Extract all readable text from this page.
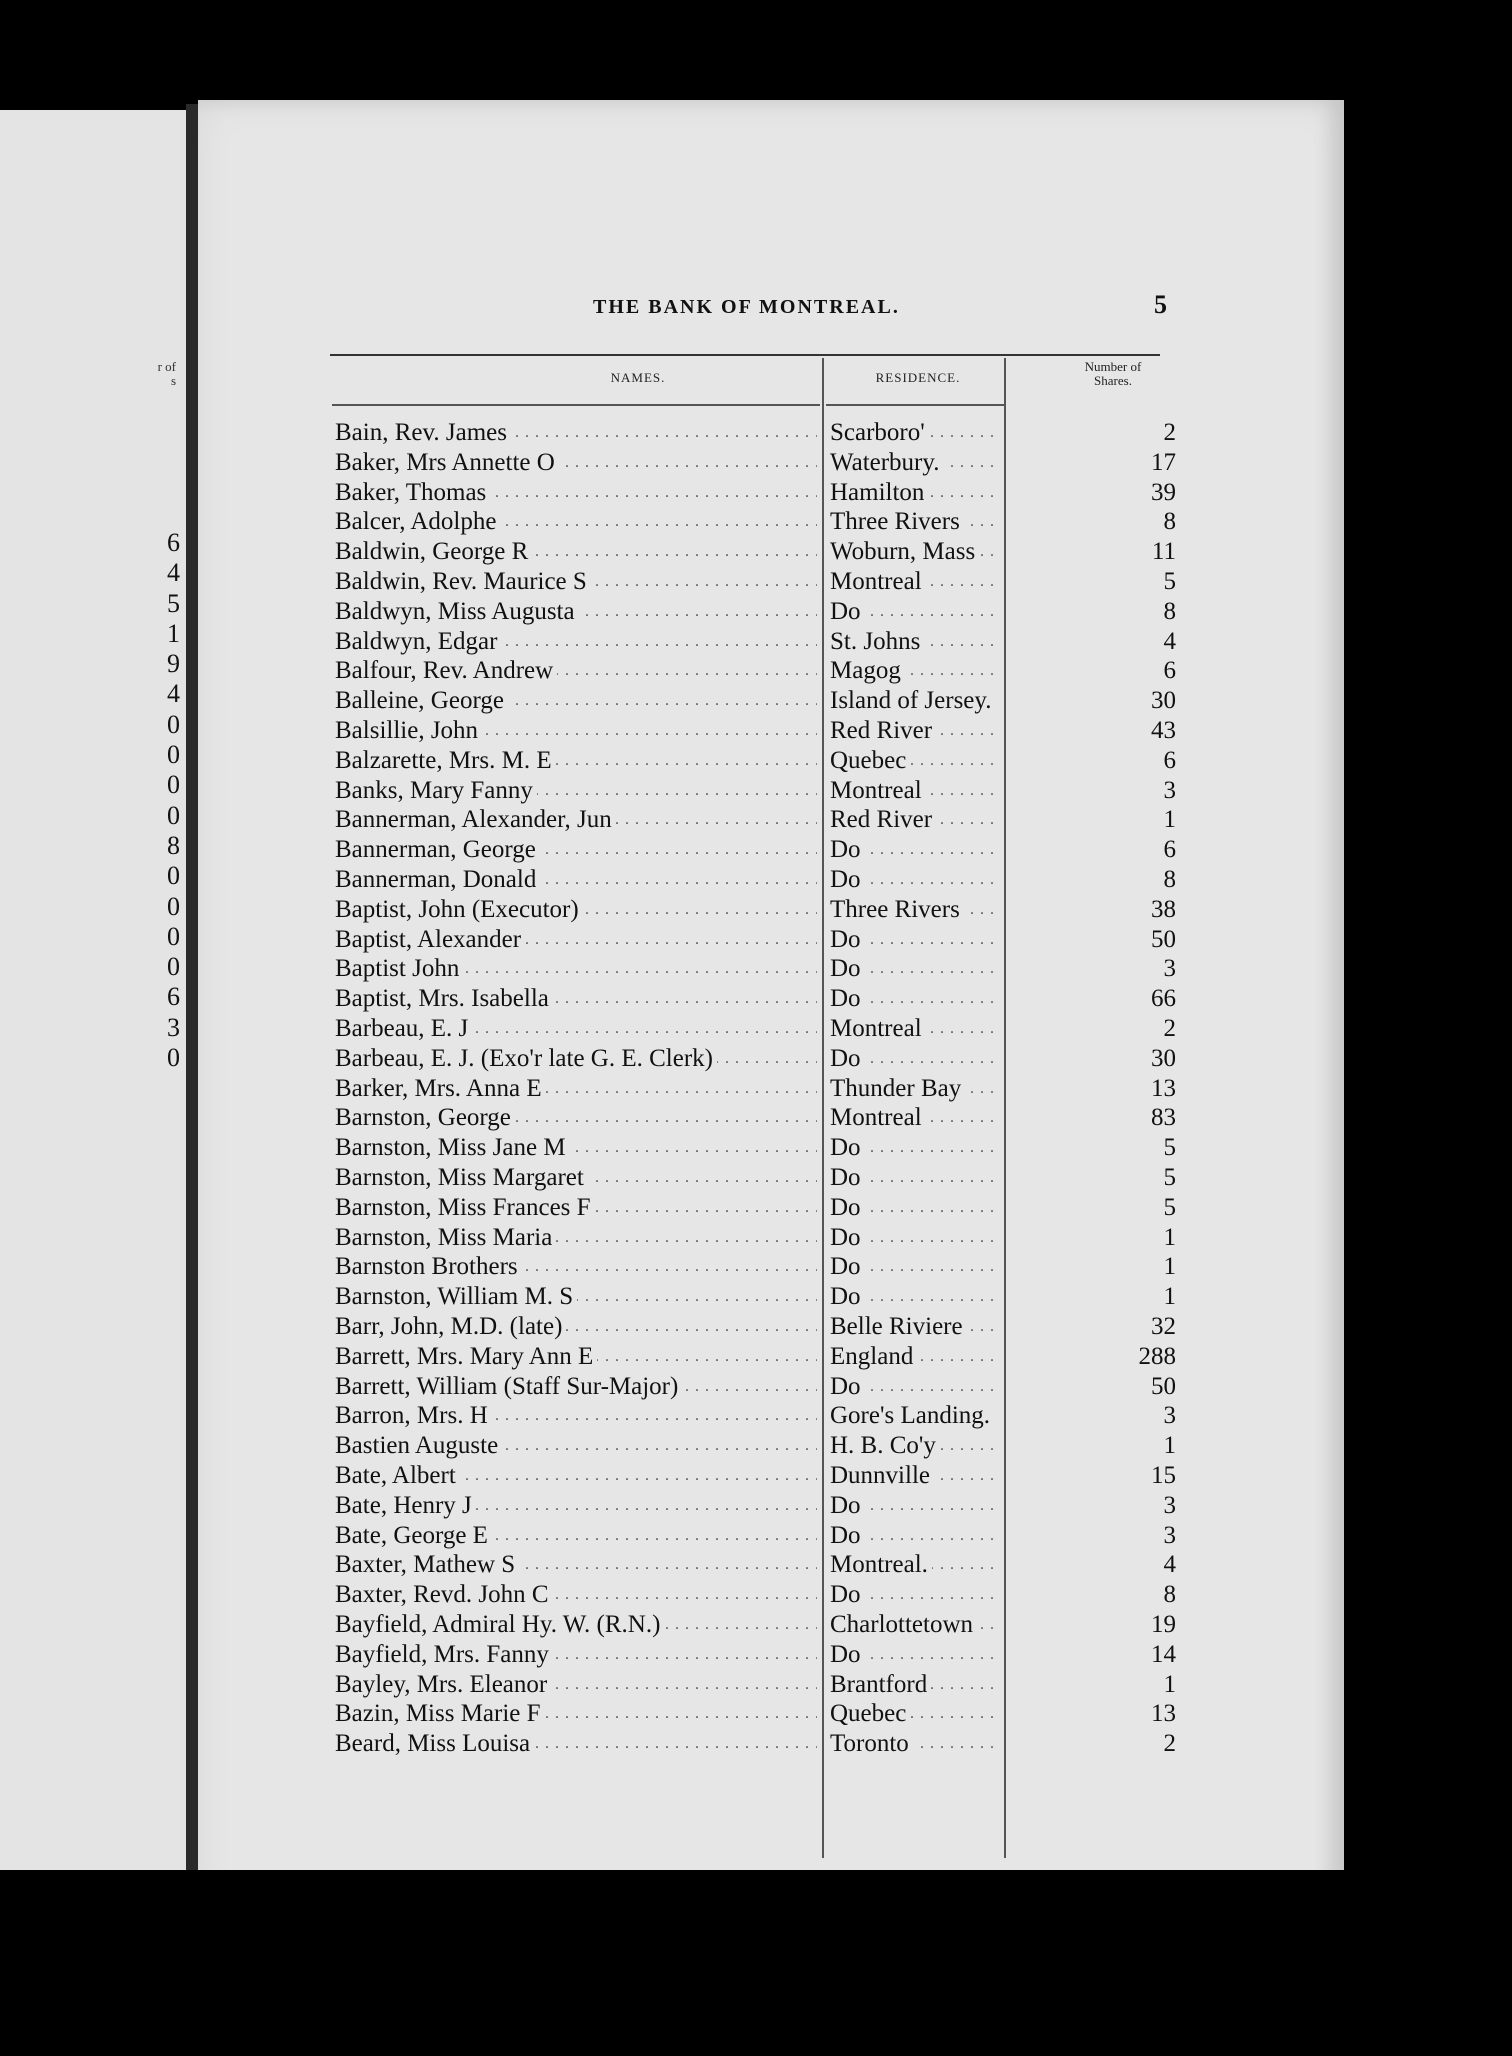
r of
s
6
4
5
1
9
4
0
0
0
0
8
0
0
0
0
6
3
0
THE BANK OF MONTREAL.	5
NAMES.	RESIDENCE.
Number of
Shares.
Bain, Rev. James . . .	Scarboro' . . .	2
Baker, Mrs Annette O . . .	Waterbury. . . .	17
Baker, Thomas . . .	Hamilton . . .	39
Balcer, Adolphe . . .	Three Rivers . . .	8
Baldwin, George R . . .	Woburn, Mass . . .	11
Baldwin, Rev. Maurice S . . .	Montreal . . .	5
Baldwyn, Miss Augusta . . .	Do . . .	8
Baldwyn, Edgar . . .	St. Johns . . .	4
Balfour, Rev. Andrew . . .	Magog . . .	6
Balleine, George . . .	Island of Jersey. . . .	30
Balsillie, John . . .	Red River . . .	43
Balzarette, Mrs. M. E . . .	Quebec . . .	6
Banks, Mary Fanny . . .	Montreal . . .	3
Bannerman, Alexander, Jun . . .	Red River . . .	1
Bannerman, George . . .	Do . . .	6
Bannerman, Donald . . .	Do . . .	8
Baptist, John (Executor) . . .	Three Rivers . . .	38
Baptist, Alexander . . .	Do . . .	50
Baptist John . . .	Do . . .	3
Baptist, Mrs. Isabella . . .	Do . . .	66
Barbeau, E. J . . .	Montreal . . .	2
Barbeau, E. J. (Exo'r late G. E. Clerk) . . .	Do . . .	30
Barker, Mrs. Anna E . . .	Thunder Bay . . .	13
Barnston, George . . .	Montreal . . .	83
Barnston, Miss Jane M . . .	Do . . .	5
Barnston, Miss Margaret . . .	Do . . .	5
Barnston, Miss Frances F . . .	Do . . .	5
Barnston, Miss Maria . . .	Do . . .	1
Barnston Brothers . . .	Do . . .	1
Barnston, William M. S . . .	Do . . .	1
Barr, John, M.D. (late) . . .	Belle Riviere . . .	32
Barrett, Mrs. Mary Ann E . . .	England . . .	288
Barrett, William (Staff Sur-Major) . . .	Do . . .	50
Barron, Mrs. H . . .	Gore's Landing. . . .	3
Bastien Auguste . . .	H. B. Co'y . . .	1
Bate, Albert . . .	Dunnville . . .	15
Bate, Henry J . . .	Do . . .	3
Bate, George E . . .	Do . . .	3
Baxter, Mathew S . . .	Montreal. . . .	4
Baxter, Revd. John C . . .	Do . . .	8
Bayfield, Admiral Hy. W. (R.N.) . . .	Charlottetown . . .	19
Bayfield, Mrs. Fanny . . .	Do . . .	14
Bayley, Mrs. Eleanor . . .	Brantford . . .	1
Bazin, Miss Marie F . . .	Quebec . . .	13
Beard, Miss Louisa . . .	Toronto . . .	2
